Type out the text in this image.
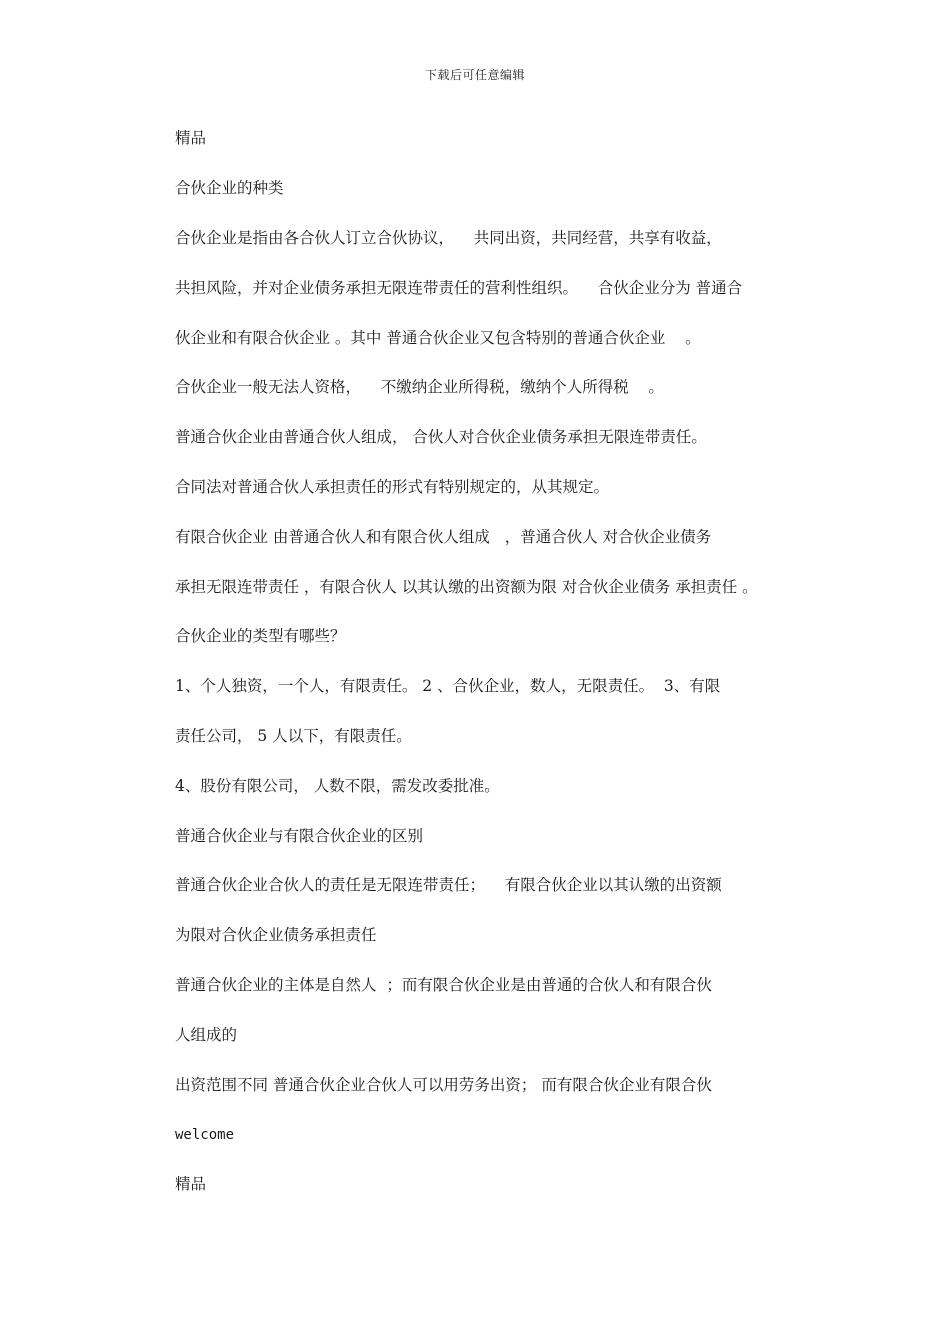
下载后可任意编辑
精品
合伙企业的种类
合伙企业是指由各合伙人订立合伙协议，    共同出资，共同经营，共享有收益，
共担风险，并对企业债务承担无限连带责任的营利性组织。    合伙企业分为 普通合
伙企业和有限合伙企业 。其中 普通合伙企业又包含特别的普通合伙企业    。
合伙企业一般无法人资格，    不缴纳企业所得税，缴纳个人所得税    。
普通合伙企业由普通合伙人组成， 合伙人对合伙企业债务承担无限连带责任。
合同法对普通合伙人承担责任的形式有特别规定的，从其规定。
有限合伙企业 由普通合伙人和有限合伙人组成   ，普通合伙人 对合伙企业债务
承担无限连带责任 ，有限合伙人 以其认缴的出资额为限 对合伙企业债务 承担责任 。
合伙企业的类型有哪些？
1、个人独资，一个人，有限责任。 2 、合伙企业，数人，无限责任。  3、有限
责任公司， 5 人以下，有限责任。
4、股份有限公司， 人数不限，需发改委批准。
普通合伙企业与有限合伙企业的区别
普通合伙企业合伙人的责任是无限连带责任；    有限合伙企业以其认缴的出资额
为限对合伙企业债务承担责任
普通合伙企业的主体是自然人  ；而有限合伙企业是由普通的合伙人和有限合伙
人组成的
出资范围不同 普通合伙企业合伙人可以用劳务出资； 而有限合伙企业有限合伙
welcome
精品
